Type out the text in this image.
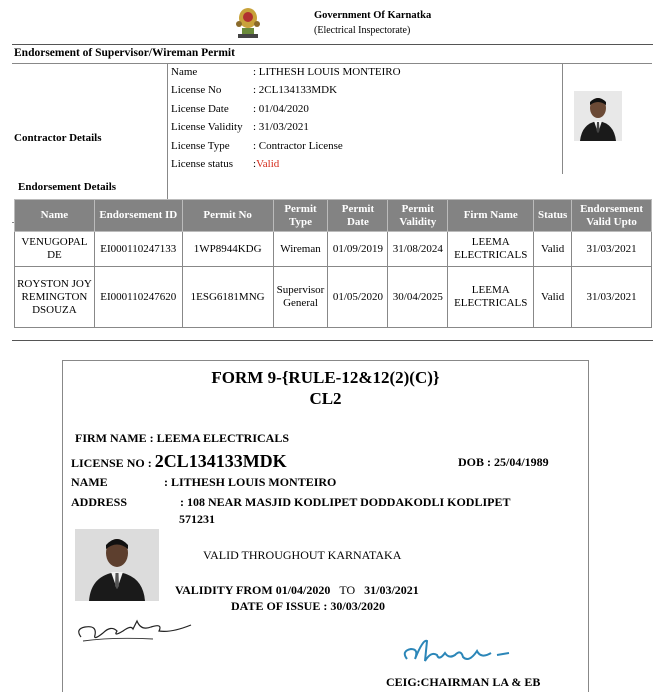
Government Of Karnatka
(Electrical Inspectorate)
Endorsement of Supervisor/Wireman Permit
Contractor Details
Name	: LITHESH LOUIS MONTEIRO
License No	: 2CL134133MDK
License Date	: 01/04/2020
License Validity : 31/03/2021
License Type	: Contractor License
License status	: Valid
Endorsement Details
Name	Endorsement ID	Permit No	Permit Type	Permit Date	Permit Validity	Firm Name	Status	Endorsement Valid Upto
VENUGOPAL DE	EI000110247133	1WP8944KDG	Wireman	01/09/2019	31/08/2024	LEEMA ELECTRICALS	Valid	31/03/2021
ROYSTON JOY REMINGTON DSOUZA	EI000110247620	1ESG6181MNG	Supervisor General	01/05/2020	30/04/2025	LEEMA ELECTRICALS	Valid	31/03/2021
FORM 9-{RULE-12&12(2)(C)}
CL2
FIRM NAME : LEEMA ELECTRICALS
LICENSE NO : 2CL134133MDK	DOB : 25/04/1989
NAME	: LITHESH LOUIS MONTEIRO
ADDRESS	: 108 NEAR MASJID KODLIPET DODDAKODLI KODLIPET
571231
VALID THROUGHOUT KARNATAKA
VALIDITY FROM 01/04/2020 TO 31/03/2021
DATE OF ISSUE : 30/03/2020
CEIG:CHAIRMAN LA & EB
